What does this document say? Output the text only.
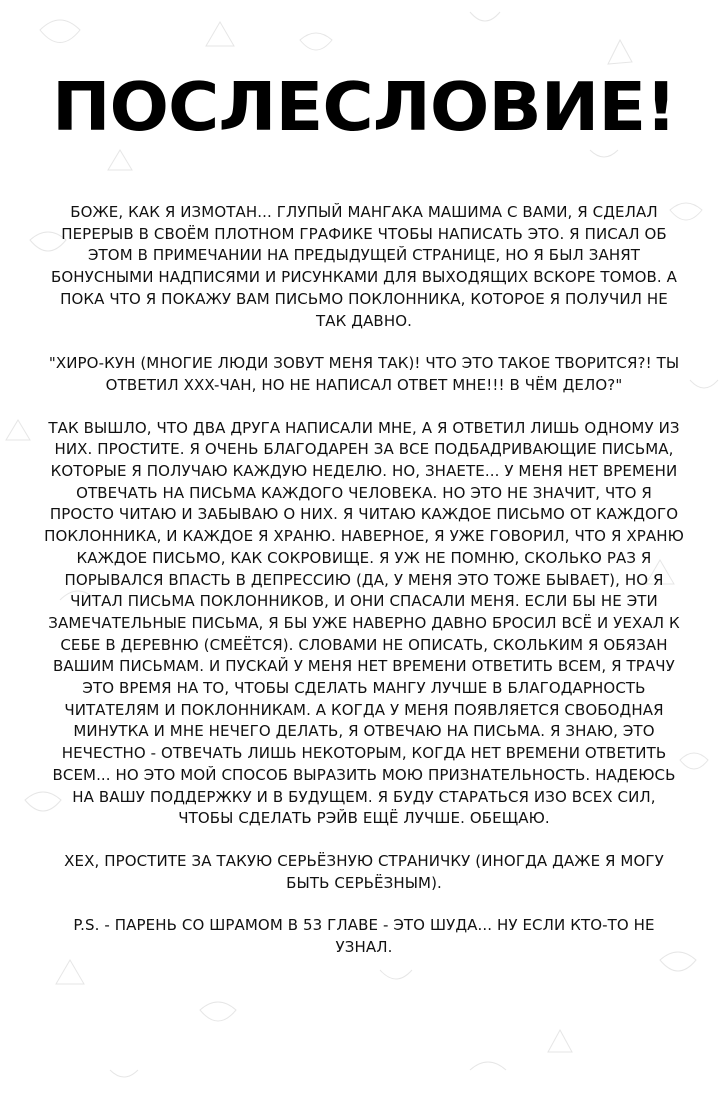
ПОСЛЕСЛОВИЕ!

БОЖЕ, КАК Я ИЗМОТАН... ГЛУПЫЙ МАНГАКА МАШИМА С ВАМИ, Я СДЕЛАЛ ПЕРЕРЫВ В СВОЁМ ПЛОТНОМ ГРАФИКЕ ЧТОБЫ НАПИСАТЬ ЭТО. Я ПИСАЛ ОБ ЭТОМ В ПРИМЕЧАНИИ НА ПРЕДЫДУЩЕЙ СТРАНИЦЕ, НО Я БЫЛ ЗАНЯТ БОНУСНЫМИ НАДПИСЯМИ И РИСУНКАМИ ДЛЯ ВЫХОДЯЩИХ ВСКОРЕ ТОМОВ. А ПОКА ЧТО Я ПОКАЖУ ВАМ ПИСЬМО ПОКЛОННИКА, КОТОРОЕ Я ПОЛУЧИЛ НЕ ТАК ДАВНО.

"ХИРО-КУН (МНОГИЕ ЛЮДИ ЗОВУТ МЕНЯ ТАК)! ЧТО ЭТО ТАКОЕ ТВОРИТСЯ?! ТЫ ОТВЕТИЛ XXX-ЧАН, НО НЕ НАПИСАЛ ОТВЕТ МНЕ!!! В ЧЁМ ДЕЛО?"

ТАК ВЫШЛО, ЧТО ДВА ДРУГА НАПИСАЛИ МНЕ, А Я ОТВЕТИЛ ЛИШЬ ОДНОМУ ИЗ НИХ. ПРОСТИТЕ. Я ОЧЕНЬ БЛАГОДАРЕН ЗА ВСЕ ПОДБАДРИВАЮЩИЕ ПИСЬМА, КОТОРЫЕ Я ПОЛУЧАЮ КАЖДУЮ НЕДЕЛЮ. НО, ЗНАЕТЕ... У МЕНЯ НЕТ ВРЕМЕНИ ОТВЕЧАТЬ НА ПИСЬМА КАЖДОГО ЧЕЛОВЕКА. НО ЭТО НЕ ЗНАЧИТ, ЧТО Я ПРОСТО ЧИТАЮ И ЗАБЫВАЮ О НИХ. Я ЧИТАЮ КАЖДОЕ ПИСЬМО ОТ КАЖДОГО ПОКЛОННИКА, И КАЖДОЕ Я ХРАНЮ. НАВЕРНОЕ, Я УЖЕ ГОВОРИЛ, ЧТО Я ХРАНЮ КАЖДОЕ ПИСЬМО, КАК СОКРОВИЩЕ. Я УЖ НЕ ПОМНЮ, СКОЛЬКО РАЗ Я ПОРЫВАЛСЯ ВПАСТЬ В ДЕПРЕССИЮ (ДА, У МЕНЯ ЭТО ТОЖЕ БЫВАЕТ), НО Я ЧИТАЛ ПИСЬМА ПОКЛОННИКОВ, И ОНИ СПАСАЛИ МЕНЯ. ЕСЛИ БЫ НЕ ЭТИ ЗАМЕЧАТЕЛЬНЫЕ ПИСЬМА, Я БЫ УЖЕ НАВЕРНО ДАВНО БРОСИЛ ВСЁ И УЕХАЛ К СЕБЕ В ДЕРЕВНЮ (СМЕЁТСЯ). СЛОВАМИ НЕ ОПИСАТЬ, СКОЛЬКИМ Я ОБЯЗАН ВАШИМ ПИСЬМАМ. И ПУСКАЙ У МЕНЯ НЕТ ВРЕМЕНИ ОТВЕТИТЬ ВСЕМ, Я ТРАЧУ ЭТО ВРЕМЯ НА ТО, ЧТОБЫ СДЕЛАТЬ МАНГУ ЛУЧШЕ В БЛАГОДАРНОСТЬ ЧИТАТЕЛЯМ И ПОКЛОННИКАМ. А КОГДА У МЕНЯ ПОЯВЛЯЕТСЯ СВОБОДНАЯ МИНУТКА И МНЕ НЕЧЕГО ДЕЛАТЬ, Я ОТВЕЧАЮ НА ПИСЬМА. Я ЗНАЮ, ЭТО НЕЧЕСТНО - ОТВЕЧАТЬ ЛИШЬ НЕКОТОРЫМ, КОГДА НЕТ ВРЕМЕНИ ОТВЕТИТЬ ВСЕМ... НО ЭТО МОЙ СПОСОБ ВЫРАЗИТЬ МОЮ ПРИЗНАТЕЛЬНОСТЬ. НАДЕЮСЬ НА ВАШУ ПОДДЕРЖКУ И В БУДУЩЕМ. Я БУДУ СТАРАТЬСЯ ИЗО ВСЕХ СИЛ, ЧТОБЫ СДЕЛАТЬ РЭЙВ ЕЩЁ ЛУЧШЕ. ОБЕЩАЮ.

ХЕХ, ПРОСТИТЕ ЗА ТАКУЮ СЕРЬЁЗНУЮ СТРАНИЧКУ (ИНОГДА ДАЖЕ Я МОГУ БЫТЬ СЕРЬЁЗНЫМ).

P.S. - ПАРЕНЬ СО ШРАМОМ В 53 ГЛАВЕ - ЭТО ШУДА... НУ ЕСЛИ КТО-ТО НЕ УЗНАЛ.
